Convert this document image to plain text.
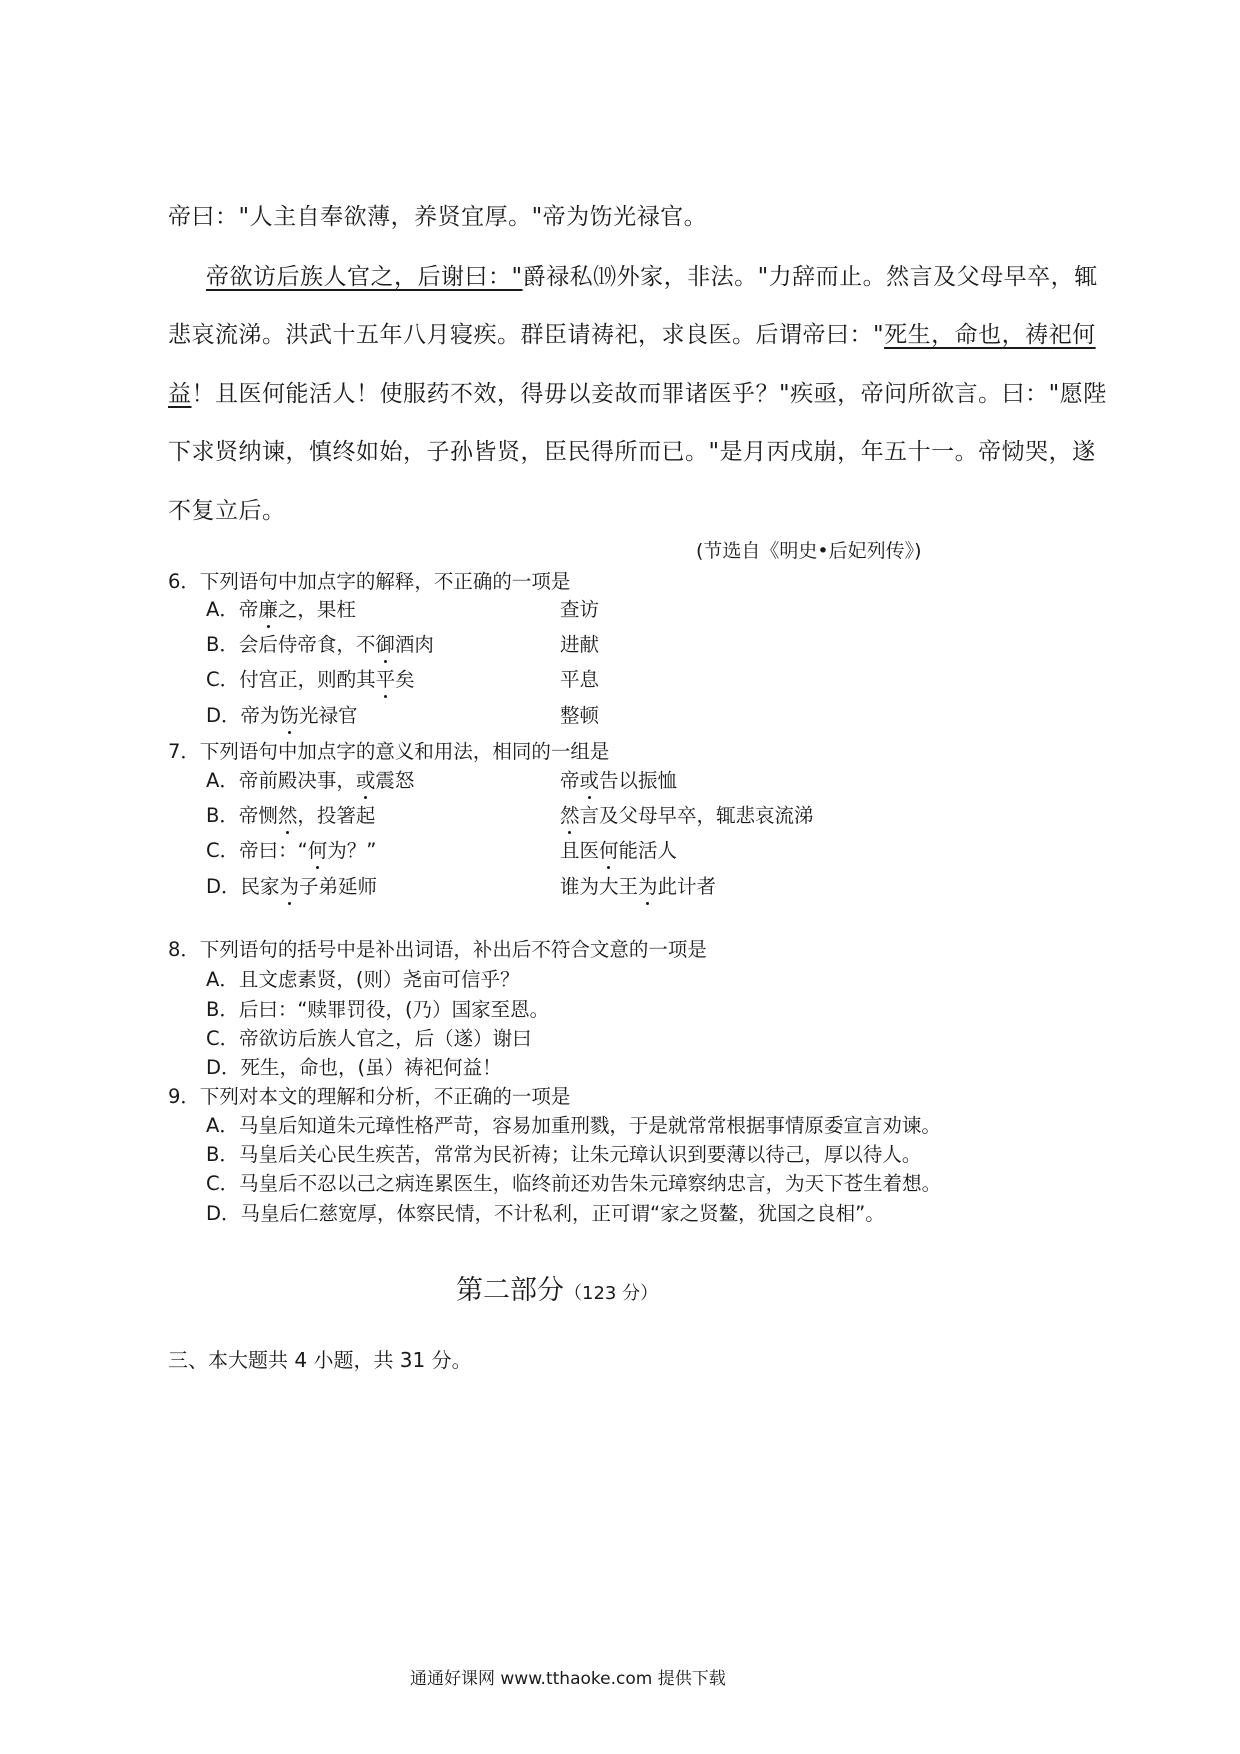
帝曰："人主自奉欲薄，养贤宜厚。"帝为饬光禄官。
帝欲访后族人官之，后谢曰："爵禄私⒆外家，非法。"力辞而止。然言及父母早卒，辄
悲哀流涕。洪武十五年八月寝疾。群臣请祷祀，求良医。后谓帝曰："死生，命也，祷祀何
益！且医何能活人！使服药不效，得毋以妾故而罪诸医乎？"疾亟，帝问所欲言。曰："愿陛
下求贤纳谏，慎终如始，子孙皆贤，臣民得所而已。"是月丙戌崩，年五十一。帝恸哭，遂
不复立后。
(节选自《明史•后妃列传》)
6．下列语句中加点字的解释，不正确的一项是
A．帝廉之，果枉	查访
B．会后侍帝食，不御酒肉	进献
C．付宫正，则酌其平矣	平息
D．帝为饬光禄官	整顿
7．下列语句中加点字的意义和用法，相同的一组是
A．帝前殿决事，或震怒	帝或告以振恤
B．帝恻然，投箸起	然言及父母早卒，辄悲哀流涕
C．帝曰：“何为？”	且医何能活人
D．民家为子弟延师	谁为大王为此计者
8．下列语句的括号中是补出词语，补出后不符合文意的一项是
A．且文虑素贤，(则）尧亩可信乎？
B．后曰：“赎罪罚役，(乃）国家至恩。
C．帝欲访后族人官之，后（遂）谢曰
D．死生，命也，(虽）祷祀何益！
9．下列对本文的理解和分析，不正确的一项是
A．马皇后知道朱元璋性格严苛，容易加重刑戮，于是就常常根据事情原委宣言劝谏。
B．马皇后关心民生疾苦，常常为民祈祷；让朱元璋认识到要薄以待己，厚以待人。
C．马皇后不忍以己之病连累医生，临终前还劝告朱元璋察纳忠言，为天下苍生着想。
D．马皇后仁慈宽厚，体察民情，不计私利，正可谓“家之贤鳌，犹国之良相”。
第二部分（123 分）
三、本大题共 4 小题，共 31 分。
通通好课网 www.tthaoke.com 提供下载
